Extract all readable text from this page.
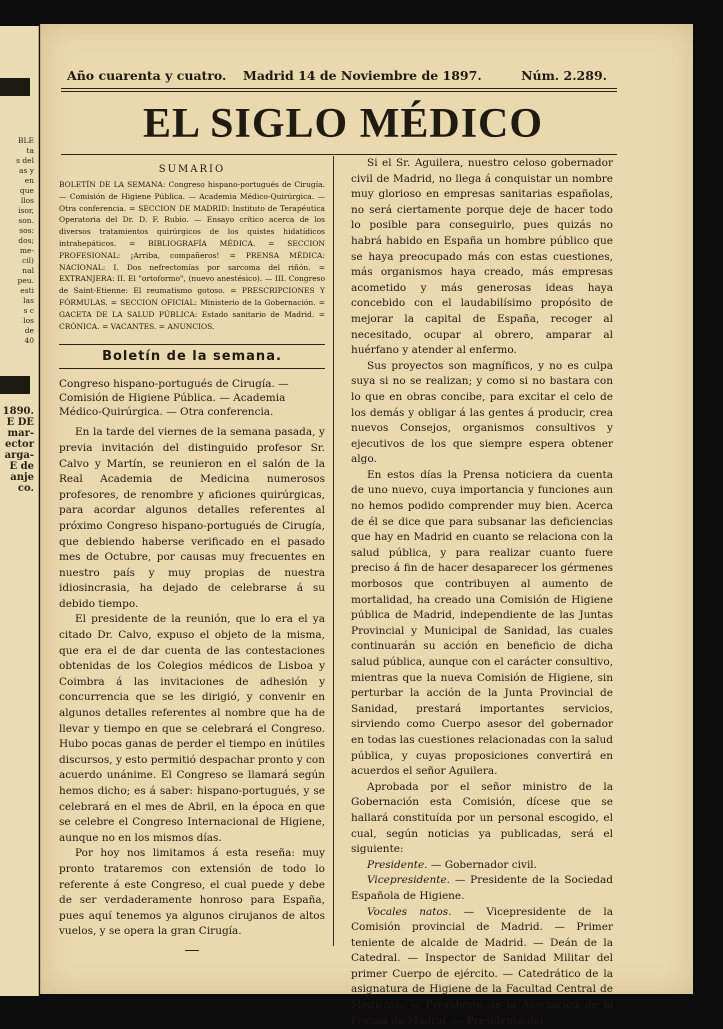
BLE
ta
s del
as y
en
que
llos
isor,
son.
sos:
dos;
me-
cil)
nal
peu.
esti
las
s c
los
de
40
1890.
E DE
mar-
ector
arga-
E de
anje
co.
Año cuarenta y cuatro. Madrid 14 de Noviembre de 1897.	Núm. 2.289.
EL SIGLO MÉDICO
SUMARIO

BOLETÍN DE LA SEMANA: Congreso hispano-portugués de Cirugía. — Comisión de Higiene Pública. — Academia Médico-Quirúrgica. — Otra conferencia. = SECCION DE MADRID: Instituto de Terapéutica Operatoria del Dr. D. F. Rubio. — Ensayo crítico acerca de los diversos tratamientos quirúrgicos de los quistes hidatídicos intrahepáticos. = BIBLIOGRAFÍA MÉDICA. = SECCION PROFESIONAL: ¡Arriba, compañeros! = PRENSA MÉDICA: NACIONAL: I. Dos nefrectomías por sarcoma del riñón. = EXTRANJERA: II. El "ortoformo", (nuevo anestésico). — III. Congreso de Saint-Etienne: El reumatismo gotoso. = PRESCRIPCIONES Y FÓRMULAS. = SECCION OFICIAL: Ministerio de la Gobernación. = GACETA DE LA SALUD PÚBLICA: Estado sanitario de Madrid. = CRÓNICA. = VACANTES. = ANUNCIOS.

Boletín de la semana.
Congreso hispano-portugués de Cirugía. — Comisión de Higiene Pública. — Academia Médico-Quirúrgica. — Otra conferencia.

En la tarde del viernes de la semana pasada, y previa invitación del distinguido profesor Sr. Calvo y Martín, se reunieron en el salón de la Real Academia de Medicina numerosos profesores, de renombre y aficiones quirúrgicas, para acordar algunos detalles referentes al próximo Congreso hispano-portugués de Cirugía, que debiendo haberse verificado en el pasado mes de Octubre, por causas muy frecuentes en nuestro país y muy propias de nuestra idiosincrasia, ha dejado de celebrarse á su debido tiempo.

El presidente de la reunión, que lo era el ya citado Dr. Calvo, expuso el objeto de la misma, que era el de dar cuenta de las contestaciones obtenidas de los Colegios médicos de Lisboa y Coimbra á las invitaciones de adhesión y concurrencia que se les dirigió, y convenir en algunos detalles referentes al nombre que ha de llevar y tiempo en que se celebrará el Congreso. Hubo pocas ganas de perder el tiempo en inútiles discursos, y esto permitió despachar pronto y con acuerdo unánime. El Congreso se llamará según hemos dicho; es á saber: hispano-portugués, y se celebrará en el mes de Abril, en la época en que se celebre el Congreso Internacional de Higiene, aunque no en los mismos días.

Por hoy nos limitamos á esta reseña: muy pronto trataremos con extensión de todo lo referente á este Congreso, el cual puede y debe de ser verdaderamente honroso para España, pues aquí tenemos ya algunos cirujanos de altos vuelos, y se opera la gran Cirugía.

Si el Sr. Aguilera, nuestro celoso gobernador civil de Madrid, no llega á conquistar un nombre muy glorioso en empresas sanitarias españolas, no será ciertamente porque deje de hacer todo lo posible para conseguirlo, pues quizás no habrá habido en España un hombre público que se haya preocupado más con estas cuestiones, más organismos haya creado, más empresas acometido y más generosas ideas haya concebido con el laudabilísimo propósito de mejorar la capital de España, recoger al necesitado, ocupar al obrero, amparar al huérfano y atender al enfermo.

Sus proyectos son magníficos, y no es culpa suya si no se realizan; y como si no bastara con lo que en obras concibe, para excitar el celo de los demás y obligar á las gentes á producir, crea nuevos Consejos, organismos consultivos y ejecutivos de los que siempre espera obtener algo.

En estos días la Prensa noticiera da cuenta de uno nuevo, cuya importancia y funciones aun no hemos podido comprender muy bien. Acerca de él se dice que para subsanar las deficiencias que hay en Madrid en cuanto se relaciona con la salud pública, y para realizar cuanto fuere preciso á fin de hacer desaparecer los gérmenes morbosos que contribuyen al aumento de mortalidad, ha creado una Comisión de Higiene pública de Madrid, independiente de las Juntas Provincial y Municipal de Sanidad, las cuales continuarán su acción en beneficio de dicha salud pública, aunque con el carácter consultivo, mientras que la nueva Comisión de Higiene, sin perturbar la acción de la Junta Provincial de Sanidad, prestará importantes servicios, sirviendo como Cuerpo asesor del gobernador en todas las cuestiones relacionadas con la salud pública, y cuyas proposiciones convertirá en acuerdos el señor Aguilera.

Aprobada por el señor ministro de la Gobernación esta Comisión, dícese que se hallará constituída por un personal escogido, el cual, según noticias ya publicadas, será el siguiente:

Presidente. — Gobernador civil.

Vicepresidente. — Presidente de la Sociedad Española de Higiene.

Vocales natos. — Vicepresidente de la Comisión provincial de Madrid. — Primer teniente de alcalde de Madrid. — Deán de la Catedral. — Inspector de Sanidad Militar del primer Cuerpo de ejército. — Catedrático de la asignatura de Higiene de la Facultad Central de Medicina. — Presidente de la Asociación de la Prensa de Madrid. — Presidente del
